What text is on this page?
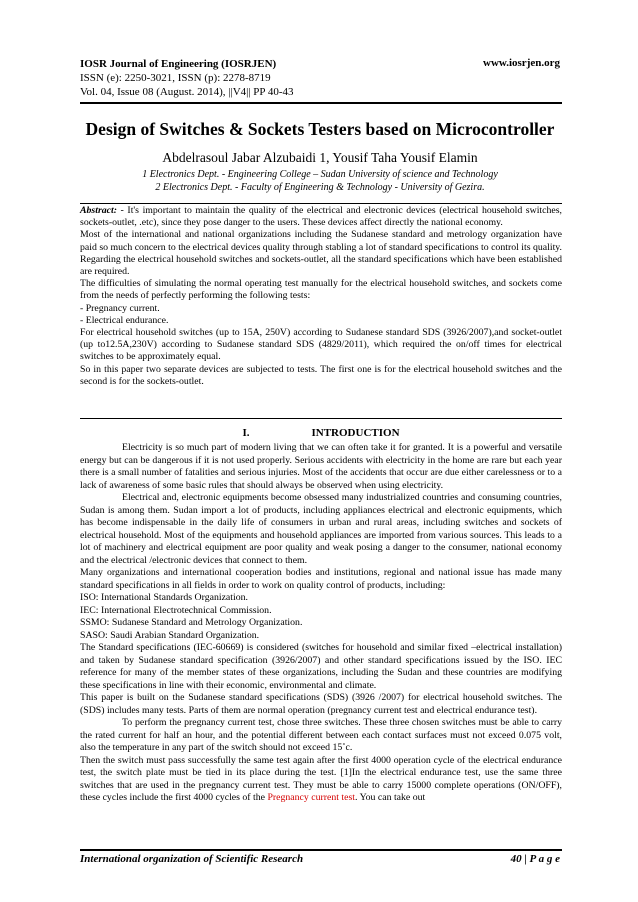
IOSR Journal of Engineering (IOSRJEN)
ISSN (e): 2250-3021, ISSN (p): 2278-8719
Vol. 04, Issue 08 (August. 2014), ||V4|| PP 40-43
www.iosrjen.org
Design of Switches & Sockets Testers based on Microcontroller
Abdelrasoul Jabar Alzubaidi 1, Yousif Taha Yousif Elamin
1 Electronics Dept. - Engineering College – Sudan University of science and Technology
2 Electronics Dept. - Faculty of Engineering & Technology - University of Gezira.

Abstract: - It's important to maintain the quality of the electrical and electronic devices (electrical household switches, sockets-outlet, .etc), since they pose danger to the users. These devices affect directly the national economy.

Most of the international and national organizations including the Sudanese standard and metrology organization have paid so much concern to the electrical devices quality through stabling a lot of standard specifications to control its quality.

Regarding the electrical household switches and sockets-outlet, all the standard specifications which have been established are required.

The difficulties of simulating the normal operating test manually for the electrical household switches, and sockets come from the needs of perfectly performing the following tests:

- Pregnancy current.

- Electrical endurance.

For electrical household switches (up to 15A, 250V) according to Sudanese standard SDS (3926/2007),and socket-outlet (up to12.5A,230V) according to Sudanese standard SDS (4829/2011), which required the on/off times for electrical switches to be approximately equal.

So in this paper two separate devices are subjected to tests. The first one is for the electrical household switches and the second is for the sockets-outlet.

I.	INTRODUCTION

Electricity is so much part of modern living that we can often take it for granted. It is a powerful and versatile energy but can be dangerous if it is not used properly. Serious accidents with electricity in the home are rare but each year there is a small number of fatalities and serious injuries. Most of the accidents that occur are due either carelessness or to a lack of awareness of some basic rules that should always be observed when using electricity.

Electrical and, electronic equipments become obsessed many industrialized countries and consuming countries, Sudan is among them. Sudan import a lot of products, including appliances electrical and electronic equipments, which has become indispensable in the daily life of consumers in urban and rural areas, including switches and sockets of electrical household. Most of the equipments and household appliances are imported from various sources. This leads to a lot of machinery and electrical equipment are poor quality and weak posing a danger to the consumer, national economy and the electrical /electronic devices that connect to them.

Many organizations and international cooperation bodies and institutions, regional and national issue has made many standard specifications in all fields in order to work on quality control of products, including:

ISO: International Standards Organization.

IEC: International Electrotechnical Commission.

SSMO: Sudanese Standard and Metrology Organization.

SASO: Saudi Arabian Standard Organization.

The Standard specifications (IEC-60669) is considered (switches for household and similar fixed –electrical installation) and taken by Sudanese standard specification (3926/2007) and other standard specifications issued by the ISO. IEC reference for many of the member states of these organizations, including the Sudan and these countries are modifying these specifications in line with their economic, environmental and climate.

This paper is built on the Sudanese standard specifications (SDS) (3926 /2007) for electrical household switches. The (SDS) includes many tests. Parts of them are normal operation (pregnancy current test and electrical endurance test).

To perform the pregnancy current test, chose three switches. These three chosen switches must be able to carry the rated current for half an hour, and the potential different between each contact surfaces must not exceed 0.075 volt, also the temperature in any part of the switch should not exceed 15˚c.

Then the switch must pass successfully the same test again after the first 4000 operation cycle of the electrical endurance test, the switch plate must be tied in its place during the test. [1]In the electrical endurance test, use the same three switches that are used in the pregnancy current test. They must be able to carry 15000 complete operations (ON/OFF), these cycles include the first 4000 cycles of the Pregnancy current test. You can take out

International organization of Scientific Research	40 | P a g e
